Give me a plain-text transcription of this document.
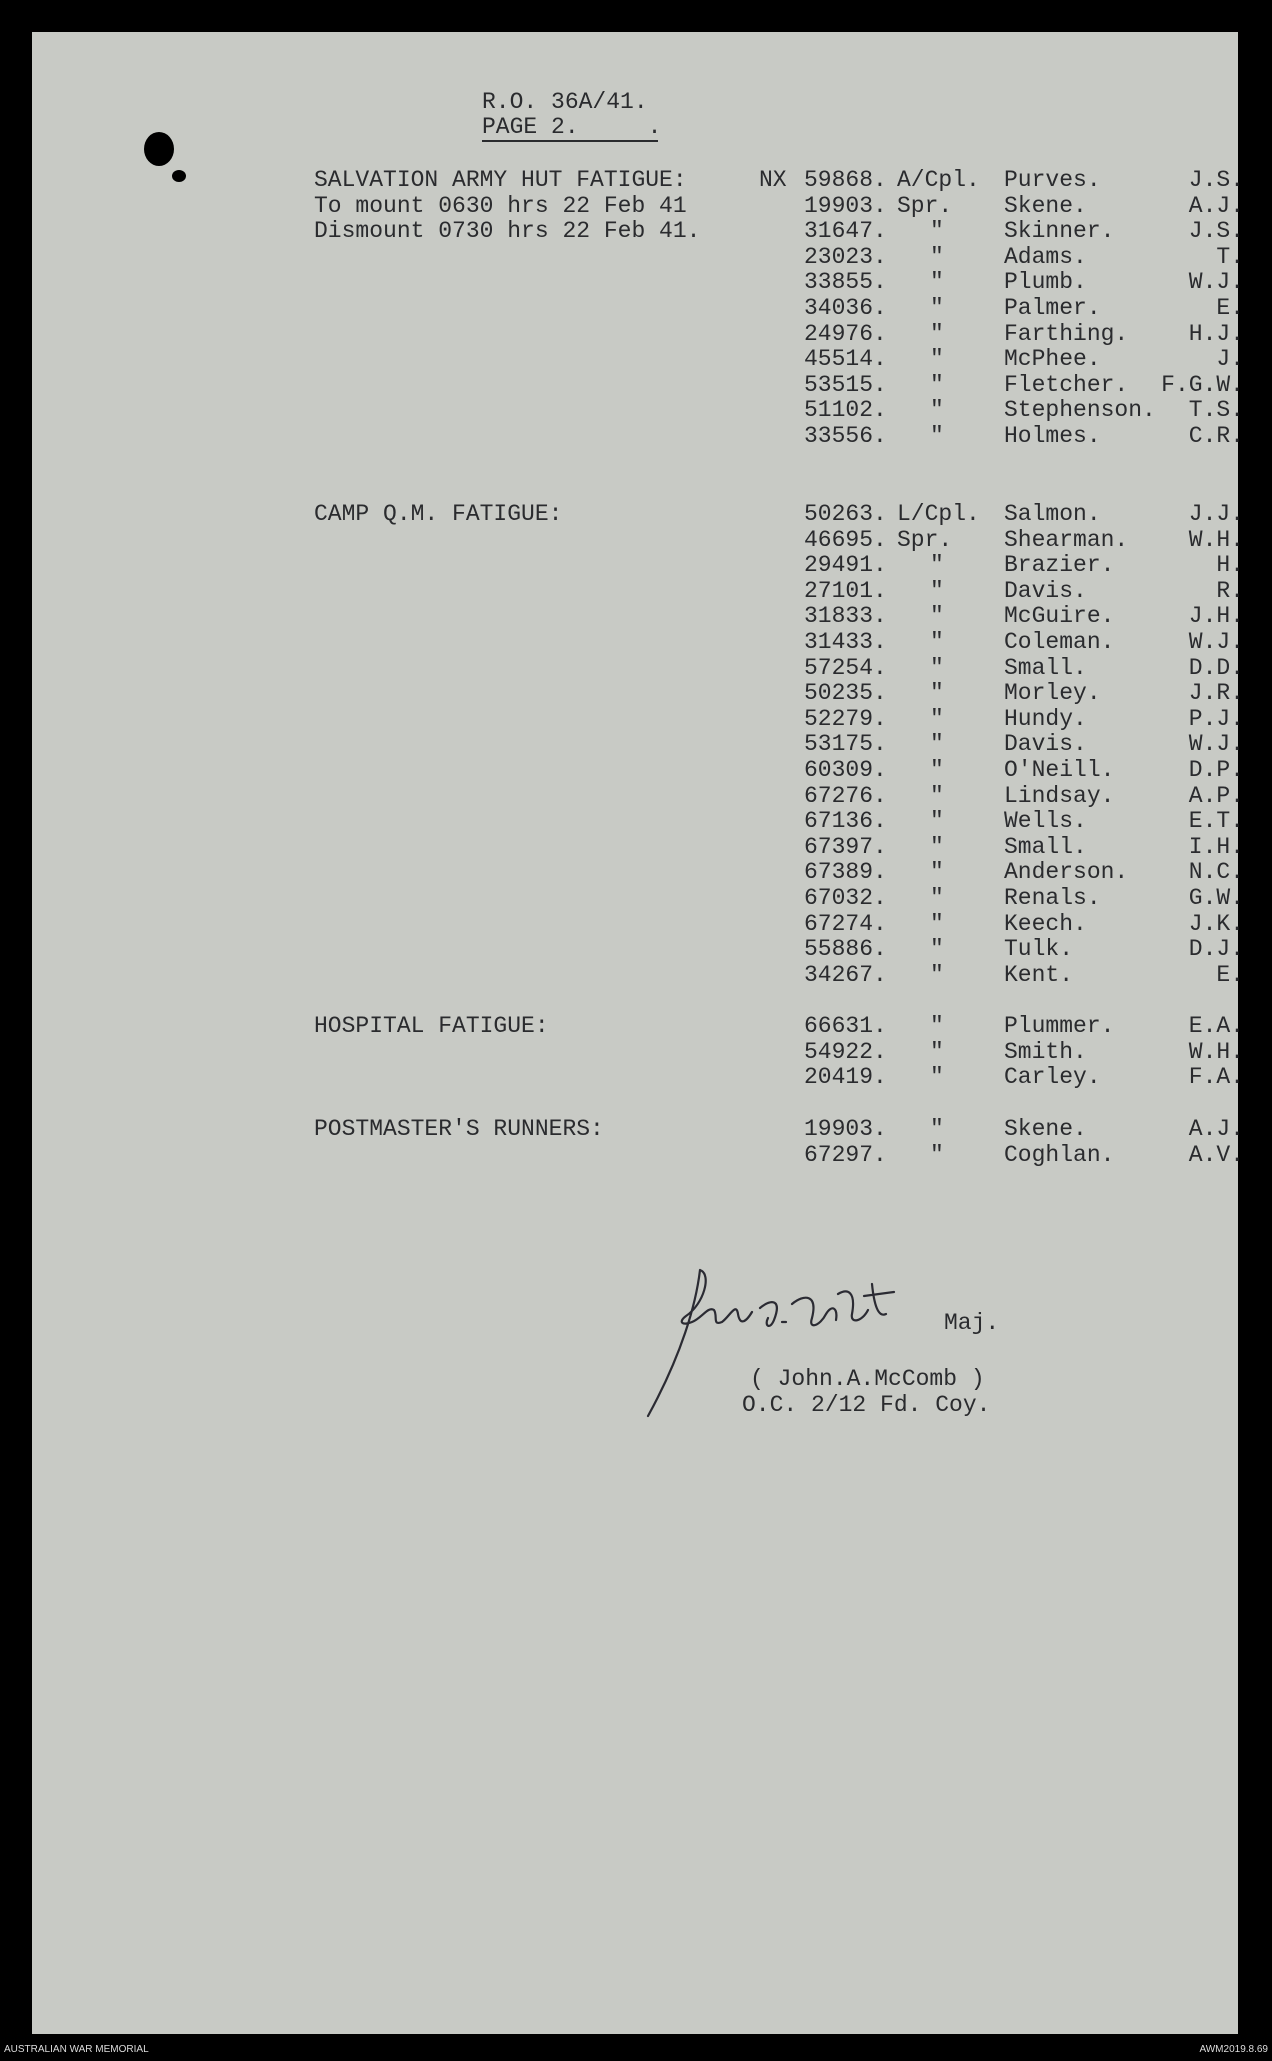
R.O. 36A/41.
PAGE 2.     .
SALVATION ARMY HUT FATIGUE:
To mount 0630 hrs 22 Feb 41
Dismount 0730 hrs 22 Feb 41.
NX 59868. A/Cpl. Purves.	J.S.
19903. Spr. Skene.	A.J.
31647. "	Skinner.	J.S.
23023. "	Adams.	T.
33855. "	Plumb.	W.J.
34036. "	Palmer.	E.
24976. "	Farthing.	H.J.
45514. "	McPhee.	J.
53515. "	Fletcher. F.G.W.
51102. "	Stephenson. T.S.
33556. "	Holmes.	C.R.
CAMP Q.M. FATIGUE:	50263. L/Cpl. Salmon.	J.J.
46695. Spr. Shearman.	W.H.
29491. "	Brazier.	H.
27101. "	Davis.	R.
31833. "	McGuire.	J.H.
31433. "	Coleman.	W.J.
57254. "	Small.	D.D.
50235. "	Morley.	J.R.
52279. "	Hundy.	P.J.
53175. "	Davis.	W.J.
60309. "	O'Neill.	D.P.
67276. "	Lindsay.	A.P.
67136. "	Wells.	E.T.
67397. "	Small.	I.H.
67389. "	Anderson.	N.C.
67032. "	Renals.	G.W.
67274. "	Keech.	J.K.
55886. "	Tulk.	D.J.
34267. "	Kent.	E.
HOSPITAL FATIGUE:	66631. "	Plummer.	E.A.
54922. "	Smith.	W.H.
20419. "	Carley.	F.A.
POSTMASTER'S RUNNERS:	19903. "	Skene.	A.J.
67297. "	Coghlan.	A.V.
Maj.
( John.A.McComb )
O.C. 2/12 Fd. Coy.
AUSTRALIAN WAR MEMORIAL	AWM2019.8.69
